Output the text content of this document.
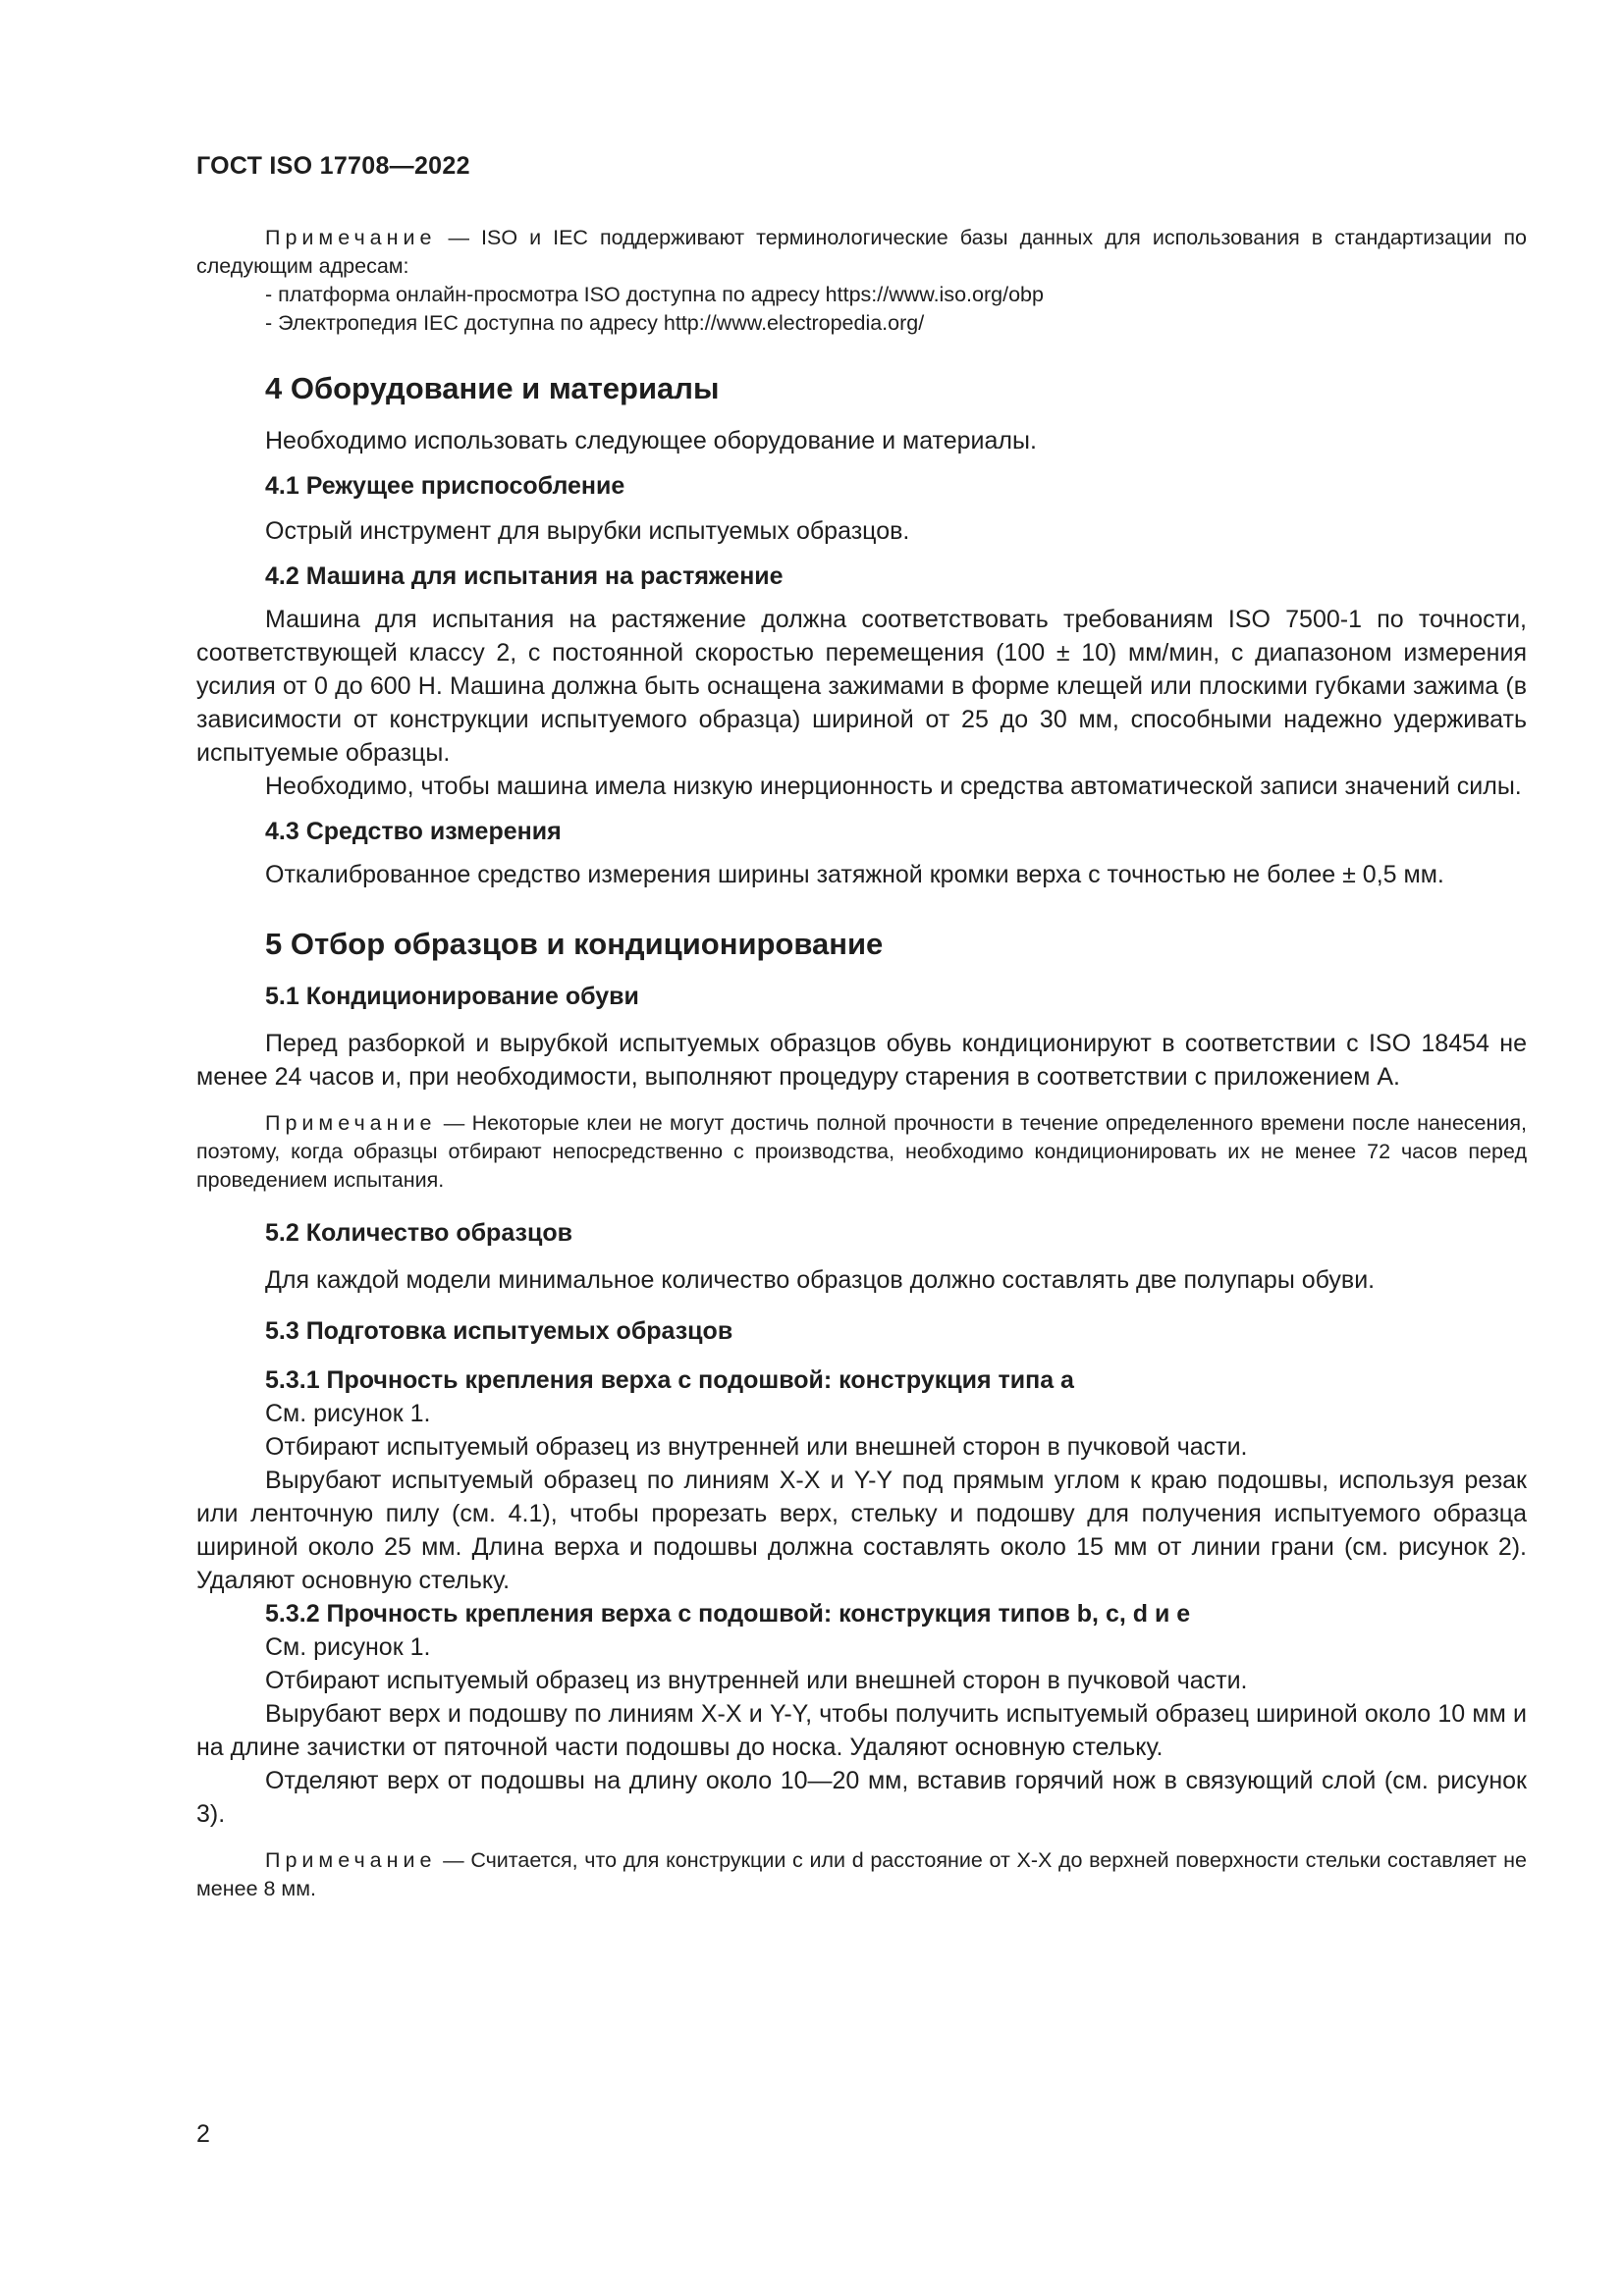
ГОСТ ISO 17708—2022

Примечание — ISO и IEC поддерживают терминологические базы данных для использования в стандартизации по следующим адресам:

- платформа онлайн-просмотра ISO доступна по адресу https://www.iso.org/obp

- Электропедия IEC доступна по адресу http://www.electropedia.org/

4 Оборудование и материалы

Необходимо использовать следующее оборудование и материалы.

4.1 Режущее приспособление

Острый инструмент для вырубки испытуемых образцов.

4.2 Машина для испытания на растяжение

Машина для испытания на растяжение должна соответствовать требованиям ISO 7500-1 по точности, соответствующей классу 2, с постоянной скоростью перемещения (100 ± 10) мм/мин, с диапазоном измерения усилия от 0 до 600 Н. Машина должна быть оснащена зажимами в форме клещей или плоскими губками зажима (в зависимости от конструкции испытуемого образца) шириной от 25 до 30 мм, способными надежно удерживать испытуемые образцы.

Необходимо, чтобы машина имела низкую инерционность и средства автоматической записи значений силы.

4.3 Средство измерения

Откалиброванное средство измерения ширины затяжной кромки верха с точностью не более ± 0,5 мм.

5 Отбор образцов и кондиционирование
5.1 Кондиционирование обуви

Перед разборкой и вырубкой испытуемых образцов обувь кондиционируют в соответствии с ISO 18454 не менее 24 часов и, при необходимости, выполняют процедуру старения в соответствии с приложением А.

Примечание — Некоторые клеи не могут достичь полной прочности в течение определенного времени после нанесения, поэтому, когда образцы отбирают непосредственно с производства, необходимо кондиционировать их не менее 72 часов перед проведением испытания.

5.2 Количество образцов

Для каждой модели минимальное количество образцов должно составлять две полупары обуви.

5.3 Подготовка испытуемых образцов
5.3.1 Прочность крепления верха с подошвой: конструкция типа a

См. рисунок 1.

Отбирают испытуемый образец из внутренней или внешней сторон в пучковой части.

Вырубают испытуемый образец по линиям X-X и Y-Y под прямым углом к краю подошвы, используя резак или ленточную пилу (см. 4.1), чтобы прорезать верх, стельку и подошву для получения испытуемого образца шириной около 25 мм. Длина верха и подошвы должна составлять около 15 мм от линии грани (см. рисунок 2). Удаляют основную стельку.

5.3.2 Прочность крепления верха с подошвой: конструкция типов b, c, d и e

См. рисунок 1.

Отбирают испытуемый образец из внутренней или внешней сторон в пучковой части.

Вырубают верх и подошву по линиям X-X и Y-Y, чтобы получить испытуемый образец шириной около 10 мм и на длине зачистки от пяточной части подошвы до носка. Удаляют основную стельку.

Отделяют верх от подошвы на длину около 10—20 мм, вставив горячий нож в связующий слой (см. рисунок 3).

Примечание — Считается, что для конструкции c или d расстояние от X-X до верхней поверхности стельки составляет не менее 8 мм.

2
